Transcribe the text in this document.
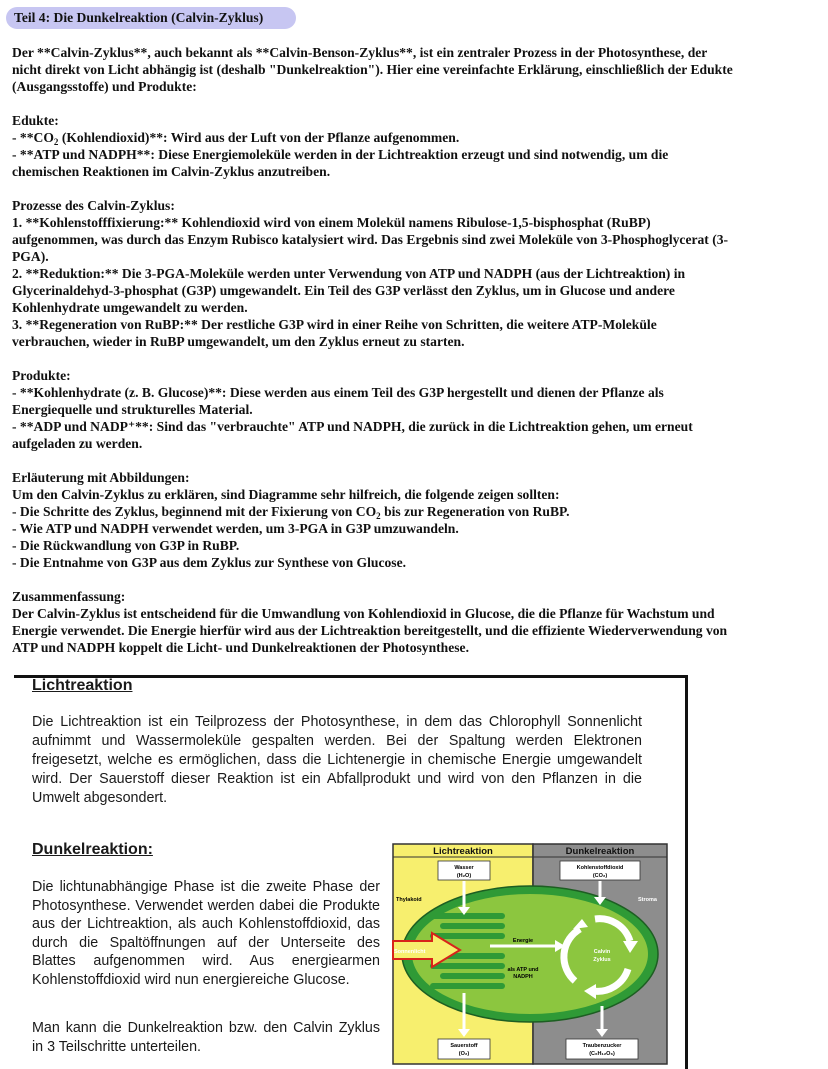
Teil 4: Die Dunkelreaktion (Calvin-Zyklus)
Der **Calvin-Zyklus**, auch bekannt als **Calvin-Benson-Zyklus**, ist ein zentraler Prozess in der Photosynthese, der
nicht direkt von Licht abhängig ist (deshalb "Dunkelreaktion"). Hier eine vereinfachte Erklärung, einschließlich der Edukte
(Ausgangsstoffe) und Produkte:
Edukte:
- $**CO_2$ (Kohlendioxid)**: Wird aus der Luft von der Pflanze aufgenommen.
- **ATP und NADPH**: Diese Energiemoleküle werden in der Lichtreaktion erzeugt und sind notwendig, um die
chemischen Reaktionen im Calvin-Zyklus anzutreiben.
Prozesse des Calvin-Zyklus:
1. **Kohlenstofffixierung:** Kohlendioxid wird von einem Molekül namens Ribulose-1,5-bisphosphat (RuBP)
aufgenommen, was durch das Enzym Rubisco katalysiert wird. Das Ergebnis sind zwei Moleküle von 3-Phosphoglycerat (3-
PGA).
2. **Reduktion:** Die 3-PGA-Moleküle werden unter Verwendung von ATP und NADPH (aus der Lichtreaktion) in
Glycerinaldehyd-3-phosphat (G3P) umgewandelt. Ein Teil des G3P verlässt den Zyklus, um in Glucose und andere
Kohlenhydrate umgewandelt zu werden.
3. **Regeneration von RuBP:** Der restliche G3P wird in einer Reihe von Schritten, die weitere ATP-Moleküle
verbrauchen, wieder in RuBP umgewandelt, um den Zyklus erneut zu starten.
Produkte:
- **Kohlenhydrate (z. B. Glucose)**: Diese werden aus einem Teil des G3P hergestellt und dienen der Pflanze als
Energiequelle und strukturelles Material.
- **ADP und NADP⁺**: Sind das "verbrauchte" ATP und NADPH, die zurück in die Lichtreaktion gehen, um erneut
aufgeladen zu werden.
Erläuterung mit Abbildungen:
Um den Calvin-Zyklus zu erklären, sind Diagramme sehr hilfreich, die folgende zeigen sollten:
- Die Schritte des Zyklus, beginnend mit der Fixierung von $CO_2$ bis zur Regeneration von RuBP.
- Wie ATP und NADPH verwendet werden, um 3-PGA in G3P umzuwandeln.
- Die Rückwandlung von G3P in RuBP.
- Die Entnahme von G3P aus dem Zyklus zur Synthese von Glucose.
Zusammenfassung:
Der Calvin-Zyklus ist entscheidend für die Umwandlung von Kohlendioxid in Glucose, die die Pflanze für Wachstum und
Energie verwendet. Die Energie hierfür wird aus der Lichtreaktion bereitgestellt, und die effiziente Wiederverwendung von
ATP und NADPH koppelt die Licht- und Dunkelreaktionen der Photosynthese.
Lichtreaktion
Die Lichtreaktion ist ein Teilprozess der Photosynthese, in dem das Chlorophyll Sonnenlicht aufnimmt und Wassermoleküle gespalten werden. Bei der Spaltung werden Elektronen freigesetzt, welche es ermöglichen, dass die Lichtenergie in chemische Energie umgewandelt wird. Der Sauerstoff dieser Reaktion ist ein Abfallprodukt und wird von den Pflanzen in die Umwelt abgesondert.
Dunkelreaktion:
Die lichtunabhängige Phase ist die zweite Phase der Photosynthese. Verwendet werden dabei die Produkte aus der Lichtreaktion, als auch Kohlenstoffdioxid, das durch die Spaltöffnungen auf der Unterseite des Blattes aufgenommen wird. Aus energiearmen Kohlenstoffdioxid wird nun energiereiche Glucose.
Man kann die Dunkelreaktion bzw. den Calvin Zyklus in 3 Teilschritte unterteilen.
Lichtreaktion	Dunkelreaktion
Wasser
(H₂O)
Kohlenstoffdioxid
(CO₂)
Thylakoid	Stroma
Sonnenlicht
Energie
als ATP und
NADPH
Calvin
Zyklus
Sauerstoff
(O₂)
Traubenzucker
(C₆H₁₂O₆)
